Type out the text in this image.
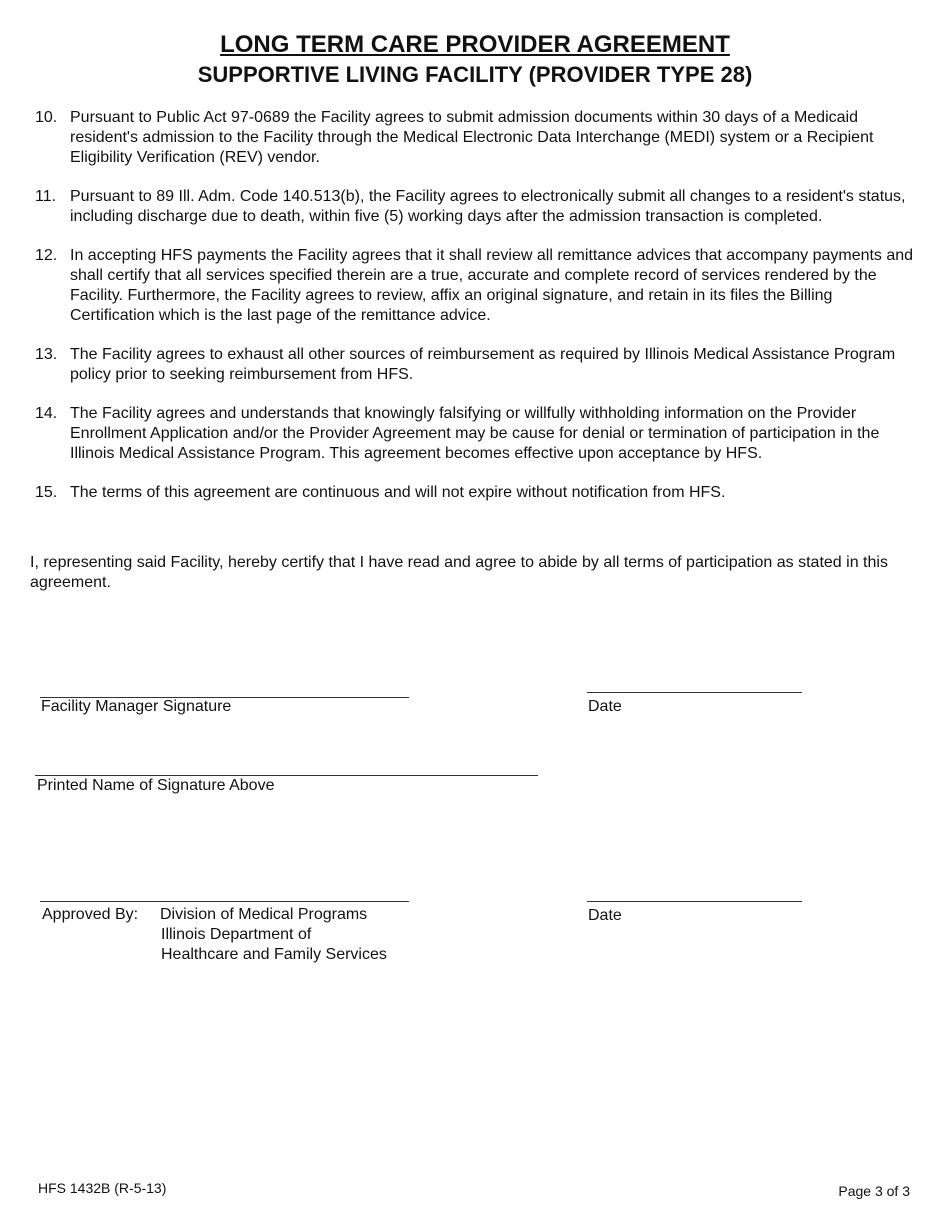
LONG TERM CARE PROVIDER AGREEMENT
SUPPORTIVE LIVING FACILITY (PROVIDER TYPE 28)
10. Pursuant to Public Act 97-0689 the Facility agrees to submit admission documents within 30 days of a Medicaid resident's admission to the Facility through the Medical Electronic Data Interchange (MEDI) system or a Recipient Eligibility Verification (REV) vendor.
11. Pursuant to 89 Ill. Adm. Code 140.513(b), the Facility agrees to electronically submit all changes to a resident's status, including discharge due to death, within five (5) working days after the admission transaction is completed.
12. In accepting HFS payments the Facility agrees that it shall review all remittance advices that accompany payments and shall certify that all services specified therein are a true, accurate and complete record of services rendered by the Facility. Furthermore, the Facility agrees to review, affix an original signature, and retain in its files the Billing Certification which is the last page of the remittance advice.
13. The Facility agrees to exhaust all other sources of reimbursement as required by Illinois Medical Assistance Program policy prior to seeking reimbursement from HFS.
14. The Facility agrees and understands that knowingly falsifying or willfully withholding information on the Provider Enrollment Application and/or the Provider Agreement may be cause for denial or termination of participation in the Illinois Medical Assistance Program. This agreement becomes effective upon acceptance by HFS.
15. The terms of this agreement are continuous and will not expire without notification from HFS.
I, representing said Facility, hereby certify that I have read and agree to abide by all terms of participation as stated in this agreement.
Facility Manager Signature	Date
Printed Name of Signature Above
Approved By: Division of Medical Programs
Illinois Department of
Healthcare and Family Services
Date
HFS 1432B (R-5-13)	Page 3 of 3
